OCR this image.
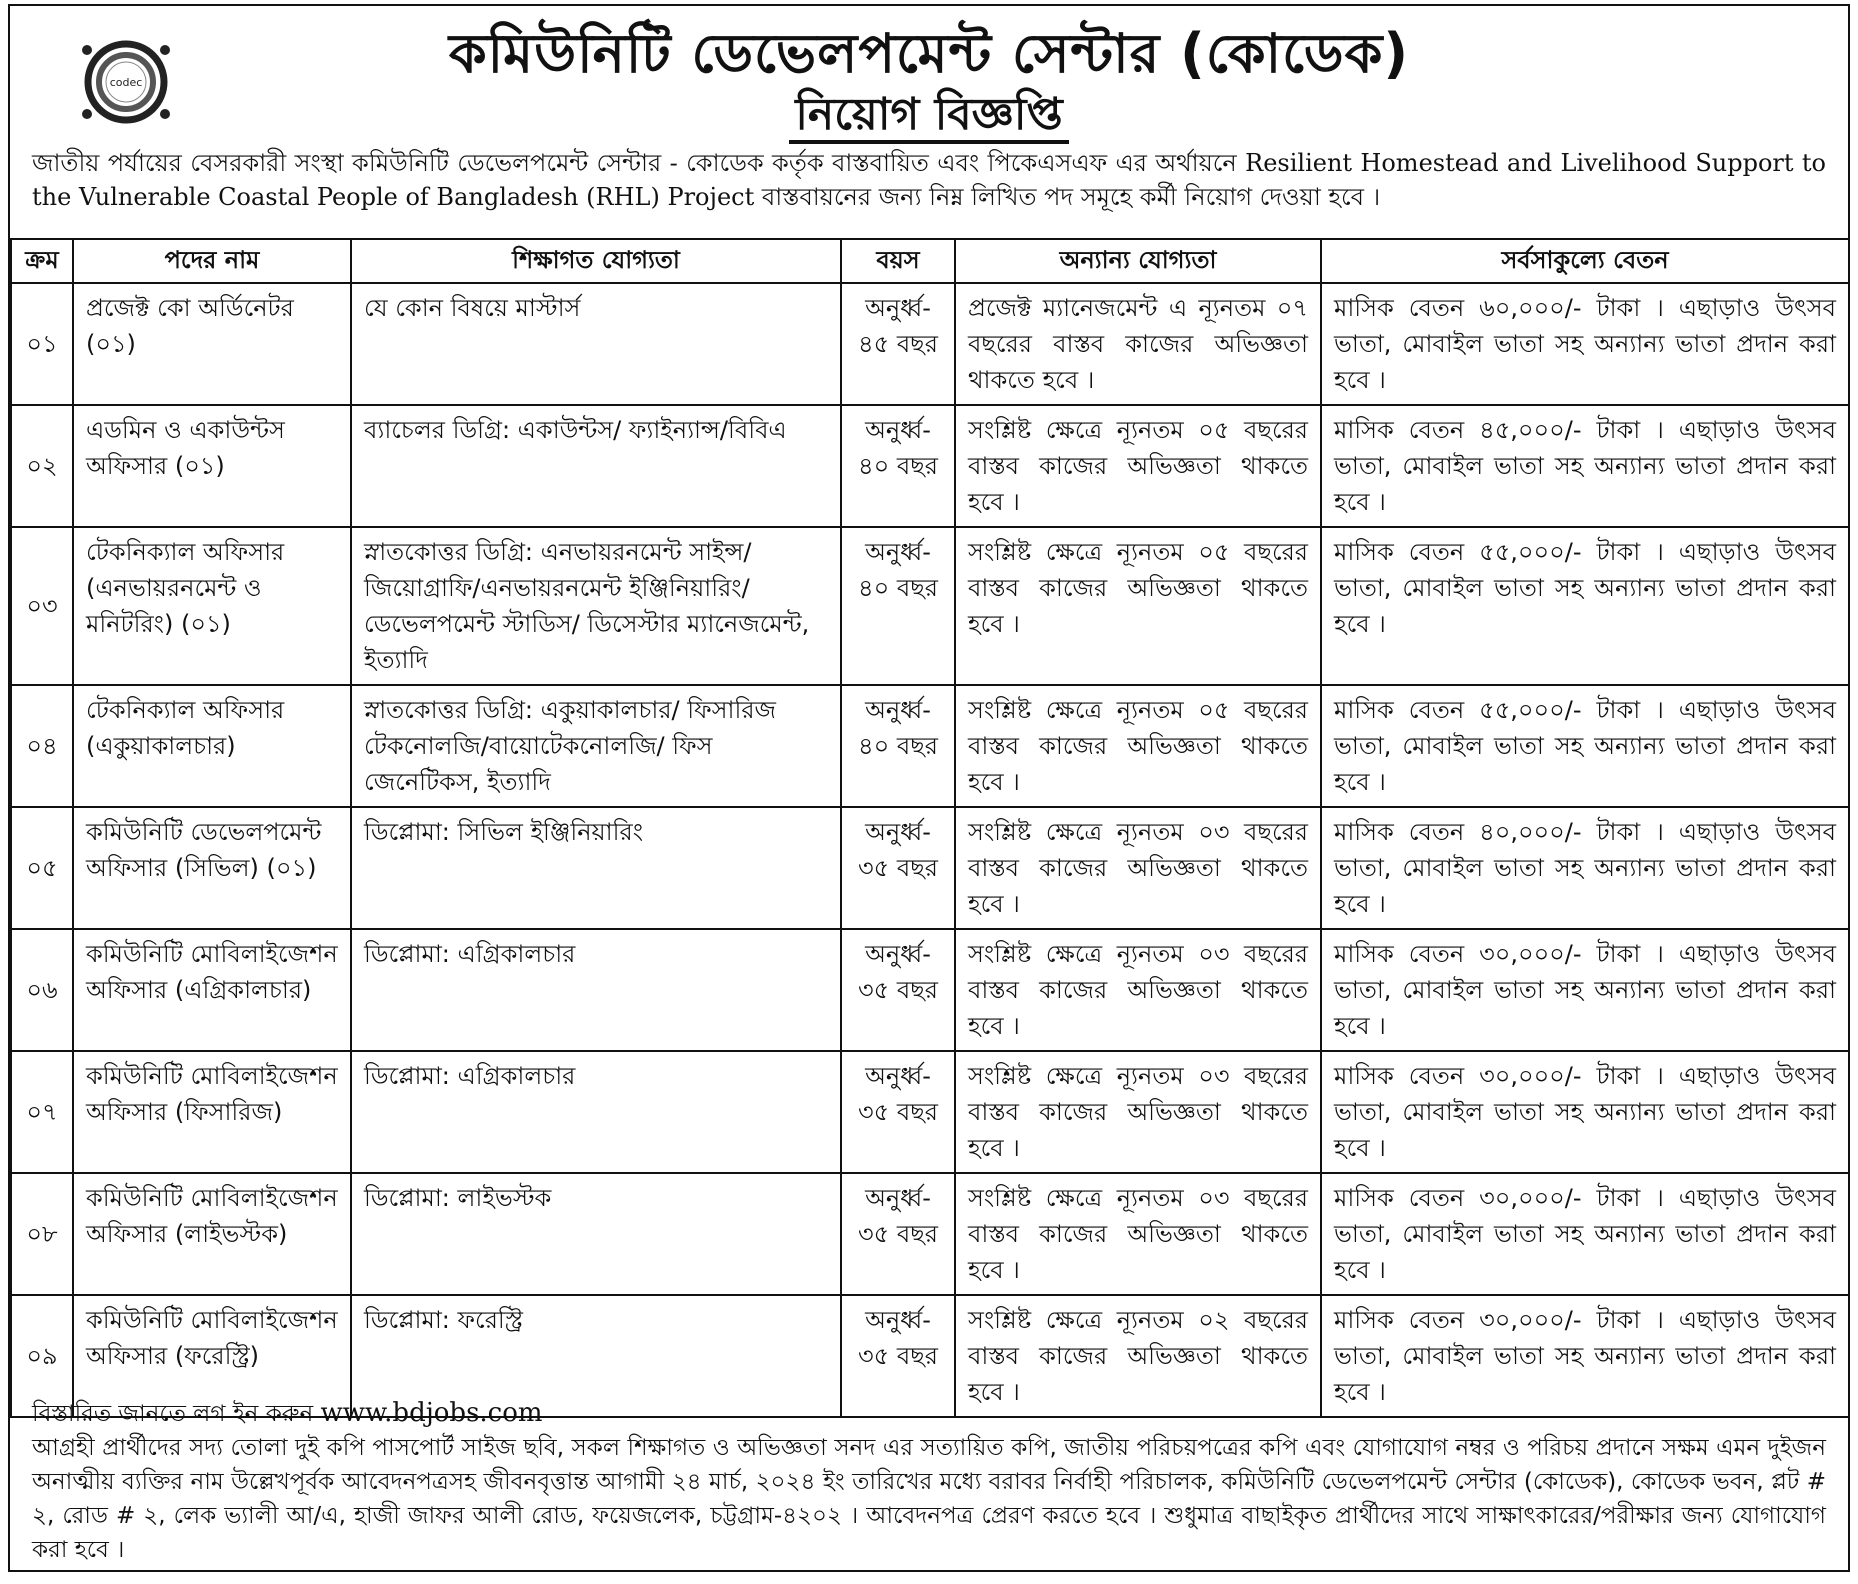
codec	কমিউনিটি ডেভেলপমেন্ট সেন্টার (কোডেক)
নিয়োগ বিজ্ঞপ্তি
জাতীয় পর্যায়ের বেসরকারী সংস্থা কমিউনিটি ডেভেলপমেন্ট সেন্টার - কোডেক কর্তৃক বাস্তবায়িত এবং পিকেএসএফ এর অর্থায়নে Resilient Homestead and Livelihood Support to the Vulnerable Coastal People of Bangladesh (RHL) Project বাস্তবায়নের জন্য নিম্ন লিখিত পদ সমূহে কর্মী নিয়োগ দেওয়া হবে ।
ক্রম	পদের নাম	শিক্ষাগত যোগ্যতা	বয়স	অন্যান্য যোগ্যতা	সর্বসাকুল্যে বেতন
০১	প্রজেক্ট কো অর্ডিনেটর (০১)	যে কোন বিষয়ে মাস্টার্স	অনুর্ধ্ব- ৪৫ বছর	প্রজেক্ট ম্যানেজমেন্ট এ ন্যূনতম ০৭ বছরের বাস্তব কাজের অভিজ্ঞতা থাকতে হবে ।	মাসিক বেতন ৬০,০০০/- টাকা । এছাড়াও উৎসব ভাতা, মোবাইল ভাতা সহ অন্যান্য ভাতা প্রদান করা হবে ।
০২	এডমিন ও একাউন্টস অফিসার (০১)	ব্যাচেলর ডিগ্রি: একাউন্টস/ ফ্যাইন্যান্স/বিবিএ	অনুর্ধ্ব- ৪০ বছর	সংশ্লিষ্ট ক্ষেত্রে ন্যূনতম ০৫ বছরের বাস্তব কাজের অভিজ্ঞতা থাকতে হবে ।	মাসিক বেতন ৪৫,০০০/- টাকা । এছাড়াও উৎসব ভাতা, মোবাইল ভাতা সহ অন্যান্য ভাতা প্রদান করা হবে ।
০৩	টেকনিক্যাল অফিসার (এনভায়রনমেন্ট ও মনিটরিং) (০১)	স্নাতকোত্তর ডিগ্রি: এনভায়রনমেন্ট সাইন্স/ জিয়োগ্রাফি/এনভায়রনমেন্ট ইঞ্জিনিয়ারিং/ডেভেলপমেন্ট স্টাডিস/ ডিসেস্টার ম্যানেজমেন্ট, ইত্যাদি	অনুর্ধ্ব- ৪০ বছর	সংশ্লিষ্ট ক্ষেত্রে ন্যূনতম ০৫ বছরের বাস্তব কাজের অভিজ্ঞতা থাকতে হবে ।	মাসিক বেতন ৫৫,০০০/- টাকা । এছাড়াও উৎসব ভাতা, মোবাইল ভাতা সহ অন্যান্য ভাতা প্রদান করা হবে ।
০৪	টেকনিক্যাল অফিসার (একুয়াকালচার)	স্নাতকোত্তর ডিগ্রি: একুয়াকালচার/ ফিসারিজ টেকনোলজি/বায়োটেকনোলজি/ ফিস জেনেটিকস, ইত্যাদি	অনুর্ধ্ব- ৪০ বছর	সংশ্লিষ্ট ক্ষেত্রে ন্যূনতম ০৫ বছরের বাস্তব কাজের অভিজ্ঞতা থাকতে হবে ।	মাসিক বেতন ৫৫,০০০/- টাকা । এছাড়াও উৎসব ভাতা, মোবাইল ভাতা সহ অন্যান্য ভাতা প্রদান করা হবে ।
০৫	কমিউনিটি ডেভেলপমেন্ট অফিসার (সিভিল) (০১)	ডিপ্লোমা: সিভিল ইঞ্জিনিয়ারিং	অনুর্ধ্ব- ৩৫ বছর	সংশ্লিষ্ট ক্ষেত্রে ন্যূনতম ০৩ বছরের বাস্তব কাজের অভিজ্ঞতা থাকতে হবে ।	মাসিক বেতন ৪০,০০০/- টাকা । এছাড়াও উৎসব ভাতা, মোবাইল ভাতা সহ অন্যান্য ভাতা প্রদান করা হবে ।
০৬	কমিউনিটি মোবিলাইজেশন অফিসার (এগ্রিকালচার)	ডিপ্লোমা: এগ্রিকালচার	অনুর্ধ্ব- ৩৫ বছর	সংশ্লিষ্ট ক্ষেত্রে ন্যূনতম ০৩ বছরের বাস্তব কাজের অভিজ্ঞতা থাকতে হবে ।	মাসিক বেতন ৩০,০০০/- টাকা । এছাড়াও উৎসব ভাতা, মোবাইল ভাতা সহ অন্যান্য ভাতা প্রদান করা হবে ।
০৭	কমিউনিটি মোবিলাইজেশন অফিসার (ফিসারিজ)	ডিপ্লোমা: এগ্রিকালচার	অনুর্ধ্ব- ৩৫ বছর	সংশ্লিষ্ট ক্ষেত্রে ন্যূনতম ০৩ বছরের বাস্তব কাজের অভিজ্ঞতা থাকতে হবে ।	মাসিক বেতন ৩০,০০০/- টাকা । এছাড়াও উৎসব ভাতা, মোবাইল ভাতা সহ অন্যান্য ভাতা প্রদান করা হবে ।
০৮	কমিউনিটি মোবিলাইজেশন অফিসার (লাইভস্টক)	ডিপ্লোমা: লাইভস্টক	অনুর্ধ্ব- ৩৫ বছর	সংশ্লিষ্ট ক্ষেত্রে ন্যূনতম ০৩ বছরের বাস্তব কাজের অভিজ্ঞতা থাকতে হবে ।	মাসিক বেতন ৩০,০০০/- টাকা । এছাড়াও উৎসব ভাতা, মোবাইল ভাতা সহ অন্যান্য ভাতা প্রদান করা হবে ।
০৯	কমিউনিটি মোবিলাইজেশন অফিসার (ফরেস্ট্রি)	ডিপ্লোমা: ফরেস্ট্রি	অনুর্ধ্ব- ৩৫ বছর	সংশ্লিষ্ট ক্ষেত্রে ন্যূনতম ০২ বছরের বাস্তব কাজের অভিজ্ঞতা থাকতে হবে ।	মাসিক বেতন ৩০,০০০/- টাকা । এছাড়াও উৎসব ভাতা, মোবাইল ভাতা সহ অন্যান্য ভাতা প্রদান করা হবে ।
বিস্তারিত জানতে লগ ইন করুন www.bdjobs.com
আগ্রহী প্রার্থীদের সদ্য তোলা দুই কপি পাসপোর্ট সাইজ ছবি, সকল শিক্ষাগত ও অভিজ্ঞতা সনদ এর সত্যায়িত কপি, জাতীয় পরিচয়পত্রের কপি এবং যোগাযোগ নম্বর ও পরিচয় প্রদানে সক্ষম এমন দুইজন অনাত্মীয় ব্যক্তির নাম উল্লেখপূর্বক আবেদনপত্রসহ জীবনবৃত্তান্ত আগামী ২৪ মার্চ, ২০২৪ ইং তারিখের মধ্যে বরাবর নির্বাহী পরিচালক, কমিউনিটি ডেভেলপমেন্ট সেন্টার (কোডেক), কোডেক ভবন, প্লট # ২, রোড # ২, লেক ভ্যালী আ/এ, হাজী জাফর আলী রোড, ফয়েজলেক, চট্টগ্রাম-৪২০২ । আবেদনপত্র প্রেরণ করতে হবে । শুধুমাত্র বাছাইকৃত প্রার্থীদের সাথে সাক্ষাৎকারের/পরীক্ষার জন্য যোগাযোগ করা হবে ।
